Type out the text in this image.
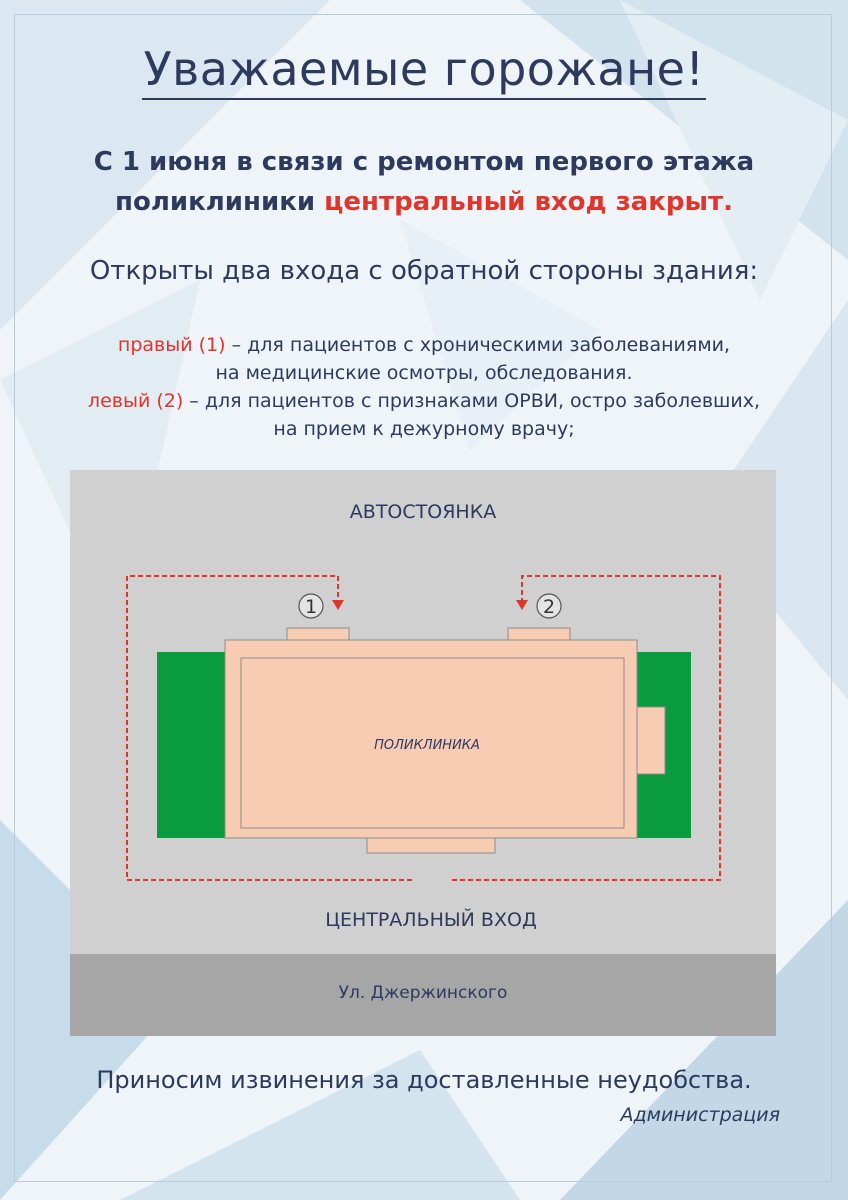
Уважаемые горожане!
С 1 июня в связи с ремонтом первого этажа
поликлиники центральный вход закрыт.
Открыты два входа с обратной стороны здания:
правый (1) – для пациентов с хроническими заболеваниями,
на медицинские осмотры, обследования.
левый (2) – для пациентов с признаками ОРВИ, остро заболевших,
на прием к дежурному врачу;
АВТОСТОЯНКА
ПОЛИКЛИНИКА
1	2
ЦЕНТРАЛЬНЫЙ ВХОД
Ул. Джержинского
Приносим извинения за доставленные неудобства.
Администрация
